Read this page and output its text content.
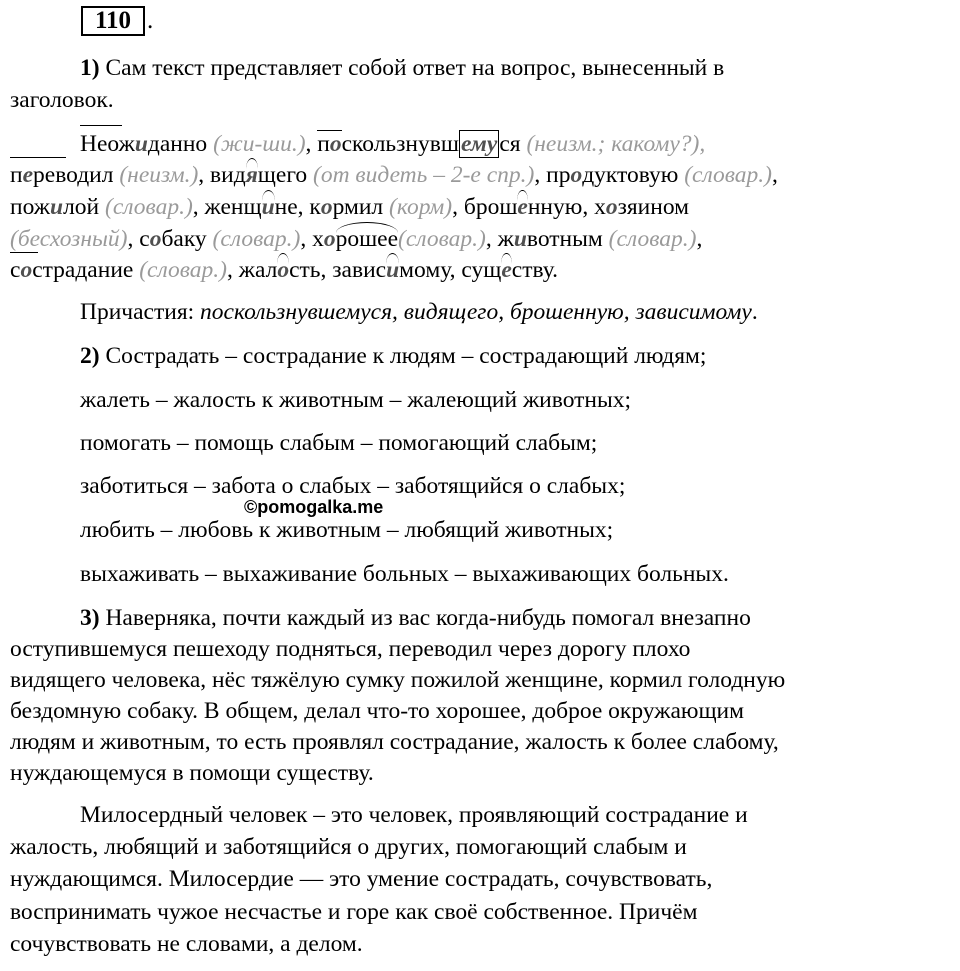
110 .
1) Сам текст представляет собой ответ на вопрос, вынесенный в
заголовок.
Неожиданно (жи-ши.), поскользнувшемуся (неизм.; какому?),
переводил (неизм.), видящего (от видеть – 2-е спр.), продуктовую (словар.),
пожилой (словар.), женщине, кормил (корм), брошенную, хозяином
(бесхозный), собаку (словар.), хорошее(словар.), животным (словар.),
сострадание (словар.), жалость, зависимому, существу.
Причастия: поскользнувшемуся, видящего, брошенную, зависимому.
2) Сострадать – сострадание к людям – сострадающий людям;
жалеть – жалость к животным – жалеющий животных;
помогать – помощь слабым – помогающий слабым;
заботиться – забота о слабых – заботящийся о слабых;
©pomogalka.me
любить – любовь к животным – любящий животных;
выхаживать – выхаживание больных – выхаживающих больных.
3) Наверняка, почти каждый из вас когда-нибудь помогал внезапно
оступившемуся пешеходу подняться, переводил через дорогу плохо
видящего человека, нёс тяжёлую сумку пожилой женщине, кормил голодную
бездомную собаку. В общем, делал что-то хорошее, доброе окружающим
людям и животным, то есть проявлял сострадание, жалость к более слабому,
нуждающемуся в помощи существу.
Милосердный человек – это человек, проявляющий сострадание и
жалость, любящий и заботящийся о других, помогающий слабым и
нуждающимся. Милосердие — это умение сострадать, сочувствовать,
воспринимать чужое несчастье и горе как своё собственное. Причём
сочувствовать не словами, а делом.
